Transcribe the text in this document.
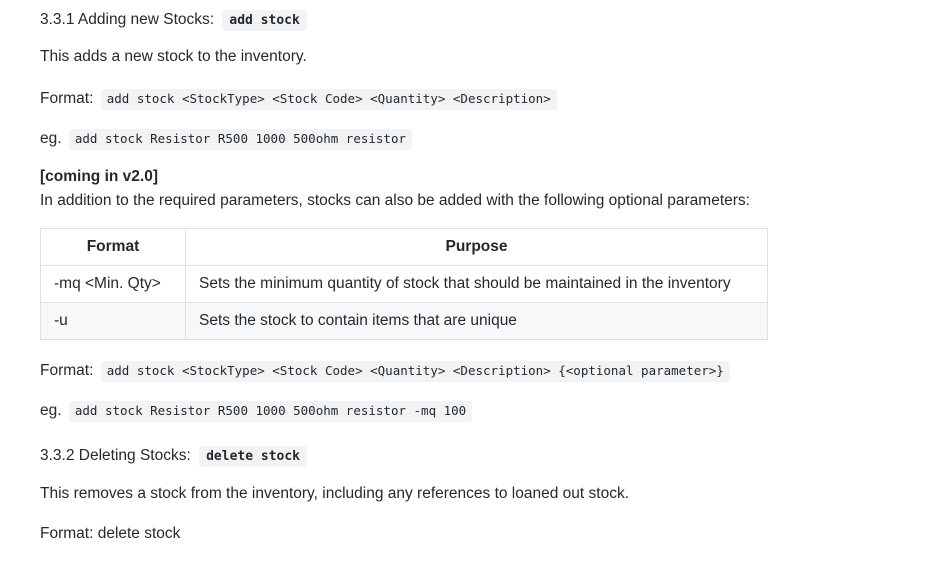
3.3.1 Adding new Stocks: add stock
This adds a new stock to the inventory.
Format: add stock <StockType> <Stock Code> <Quantity> <Description>
eg. add stock Resistor R500 1000 500ohm resistor
[coming in v2.0]
In addition to the required parameters, stocks can also be added with the following optional parameters:
Format	Purpose
-mq <Min. Qty>	Sets the minimum quantity of stock that should be maintained in the inventory
-u	Sets the stock to contain items that are unique
Format: add stock <StockType> <Stock Code> <Quantity> <Description> {<optional parameter>}
eg. add stock Resistor R500 1000 500ohm resistor -mq 100
3.3.2 Deleting Stocks: delete stock
This removes a stock from the inventory, including any references to loaned out stock.
Format: delete stock
